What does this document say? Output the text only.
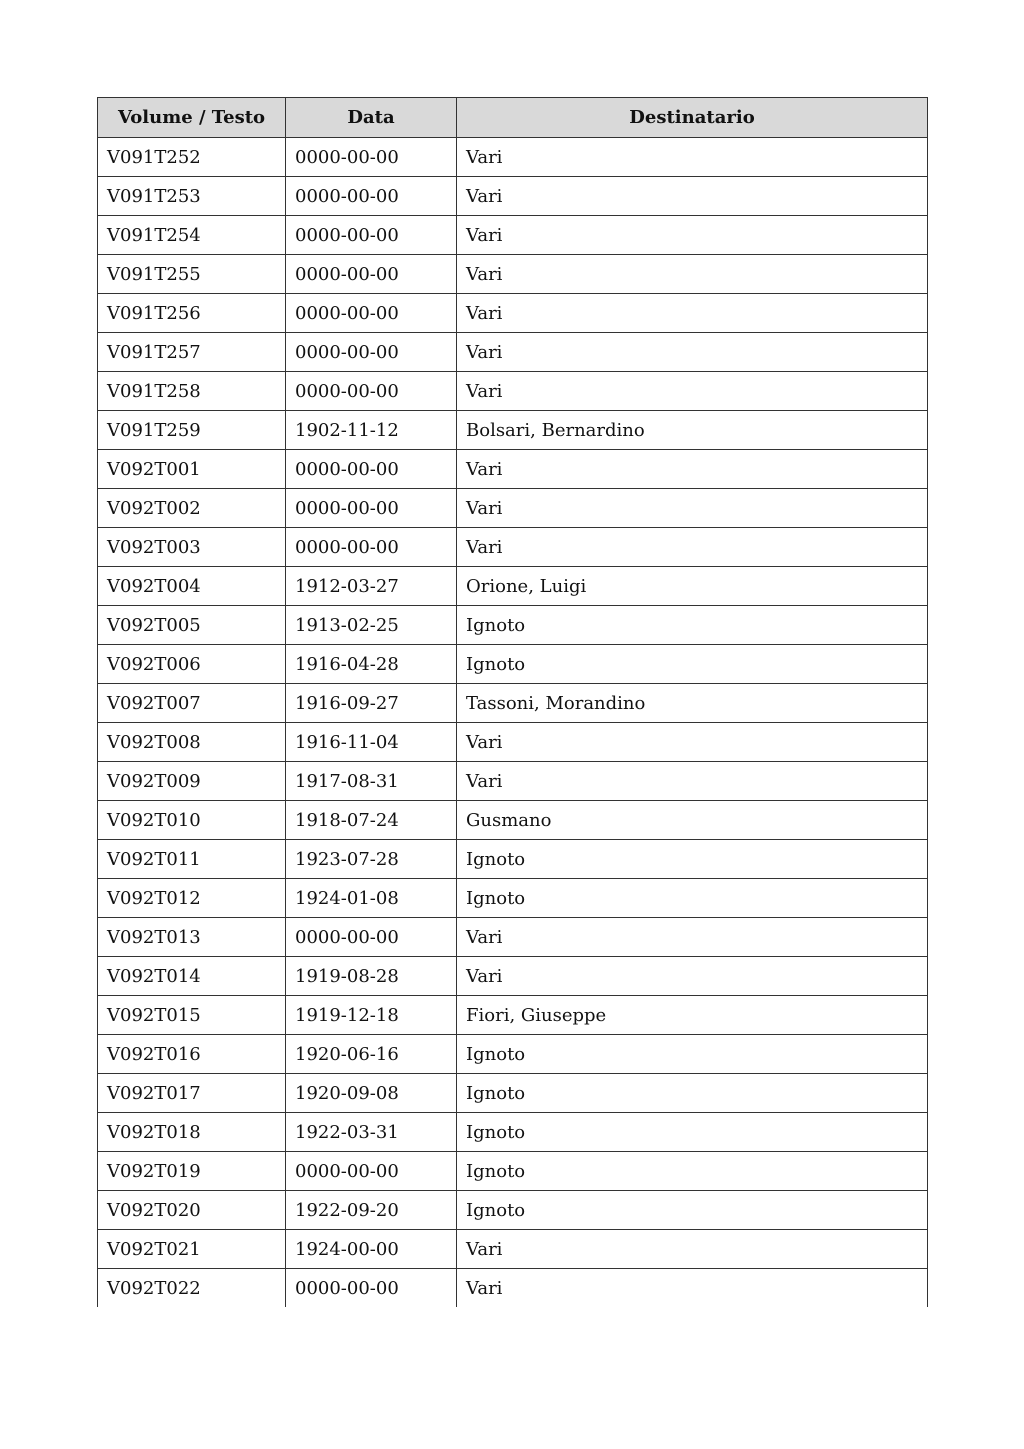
Volume / Testo	Data	Destinatario
V091T252	0000-00-00	Vari
V091T253	0000-00-00	Vari
V091T254	0000-00-00	Vari
V091T255	0000-00-00	Vari
V091T256	0000-00-00	Vari
V091T257	0000-00-00	Vari
V091T258	0000-00-00	Vari
V091T259	1902-11-12	Bolsari, Bernardino
V092T001	0000-00-00	Vari
V092T002	0000-00-00	Vari
V092T003	0000-00-00	Vari
V092T004	1912-03-27	Orione, Luigi
V092T005	1913-02-25	Ignoto
V092T006	1916-04-28	Ignoto
V092T007	1916-09-27	Tassoni, Morandino
V092T008	1916-11-04	Vari
V092T009	1917-08-31	Vari
V092T010	1918-07-24	Gusmano
V092T011	1923-07-28	Ignoto
V092T012	1924-01-08	Ignoto
V092T013	0000-00-00	Vari
V092T014	1919-08-28	Vari
V092T015	1919-12-18	Fiori, Giuseppe
V092T016	1920-06-16	Ignoto
V092T017	1920-09-08	Ignoto
V092T018	1922-03-31	Ignoto
V092T019	0000-00-00	Ignoto
V092T020	1922-09-20	Ignoto
V092T021	1924-00-00	Vari
V092T022	0000-00-00	Vari
